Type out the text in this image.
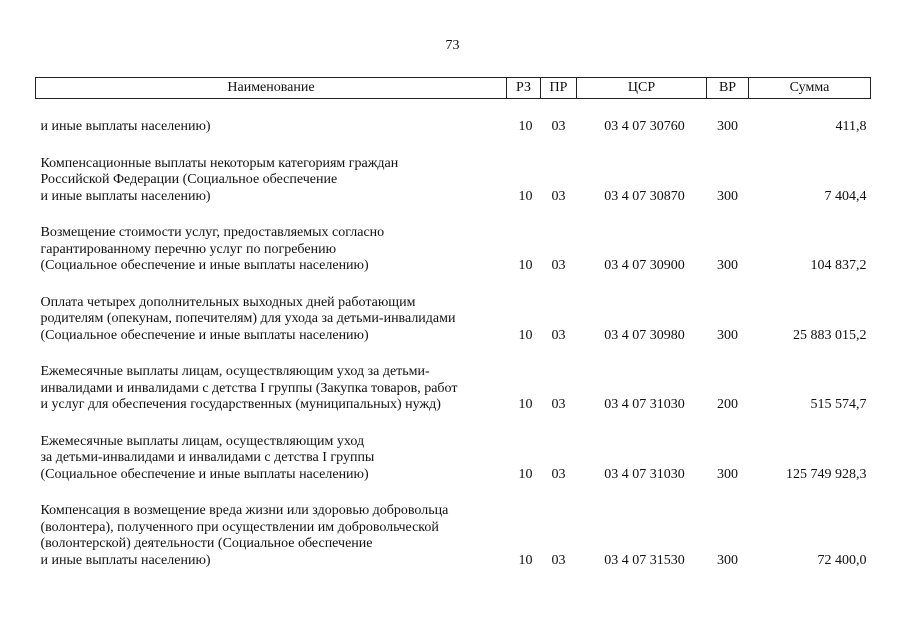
73
Наименование	РЗ	ПР	ЦСР	ВР	Сумма

и иные выплаты населению)	10	03	03 4 07 30760	300	411,8

Компенсационные выплаты некоторым категориям граждан
Российской Федерации (Социальное обеспечение
и иные выплаты населению)	10	03	03 4 07 30870	300	7 404,4

Возмещение стоимости услуг, предоставляемых согласно
гарантированному перечню услуг по погребению
(Социальное обеспечение и иные выплаты населению)	10	03	03 4 07 30900	300	104 837,2

Оплата четырех дополнительных выходных дней работающим
родителям (опекунам, попечителям) для ухода за детьми-инвалидами
(Социальное обеспечение и иные выплаты населению)	10	03	03 4 07 30980	300	25 883 015,2

Ежемесячные выплаты лицам, осуществляющим уход за детьми-
инвалидами и инвалидами с детства I группы (Закупка товаров, работ
и услуг для обеспечения государственных (муниципальных) нужд)	10	03	03 4 07 31030	200	515 574,7

Ежемесячные выплаты лицам, осуществляющим уход
за детьми-инвалидами и инвалидами с детства I группы
(Социальное обеспечение и иные выплаты населению)	10	03	03 4 07 31030	300	125 749 928,3

Компенсация в возмещение вреда жизни или здоровью добровольца
(волонтера), полученного при осуществлении им добровольческой
(волонтерской) деятельности (Социальное обеспечение
и иные выплаты населению)	10	03	03 4 07 31530	300	72 400,0
